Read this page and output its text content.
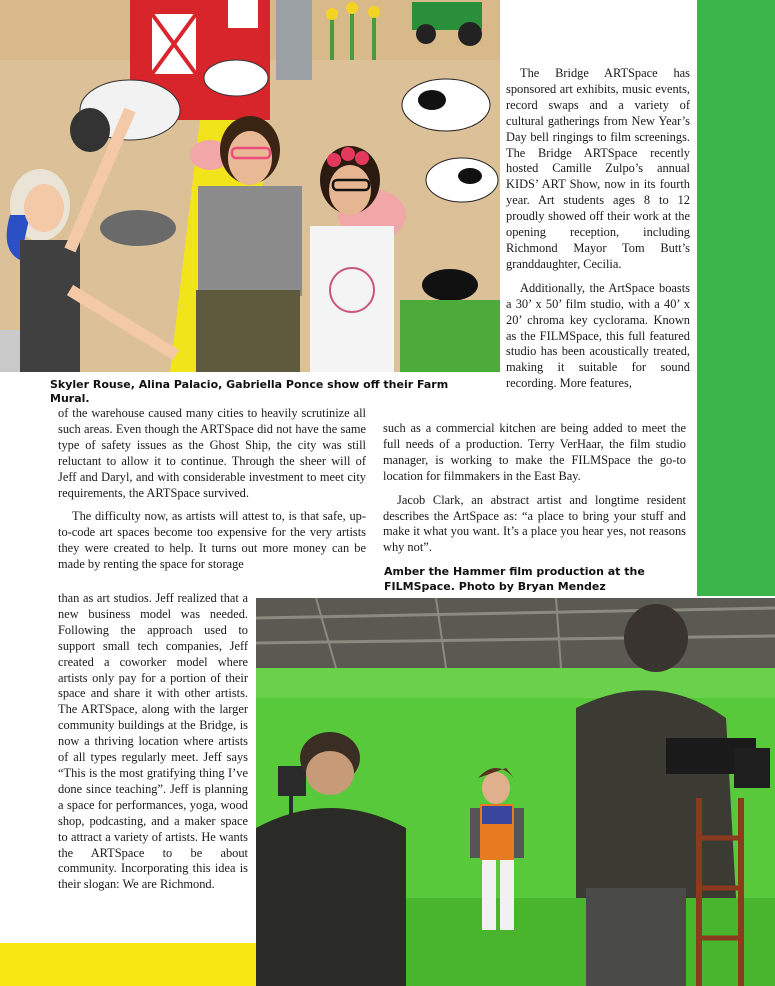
Skyler Rouse, Alina Palacio, Gabriella Ponce show off their Farm Mural.

The Bridge ARTSpace has sponsored art exhibits, music events, record swaps and a variety of cultural gatherings from New Year’s Day bell ringings to film screenings. The Bridge ARTSpace recently hosted Camille Zulpo’s annual KIDS’ ART Show, now in its fourth year. Art students ages 8 to 12 proudly showed off their work at the opening reception, including Richmond Mayor Tom Butt’s granddaughter, Cecilia.

Additionally, the ArtSpace boasts a 30’ x 50’ film studio, with a 40’ x 20’ chroma key cyclorama. Known as the FILMSpace, this full featured studio has been acoustically treated, making it suitable for sound recording. More features,

such as a commercial kitchen are being added to meet the full needs of a production. Terry VerHaar, the film studio manager, is working to make the FILMSpace the go-to location for filmmakers in the East Bay.

Jacob Clark, an abstract artist and longtime resident describes the ArtSpace as: “a place to bring your stuff and make it what you want. It’s a place you hear yes, not reasons why not”.

Amber the Hammer film production at the FILMSpace. Photo by Bryan Mendez

of the warehouse caused many cities to heavily scrutinize all such areas. Even though the ARTSpace did not have the same type of safety issues as the Ghost Ship, the city was still reluctant to allow it to continue. Through the sheer will of Jeff and Daryl, and with considerable investment to meet city requirements, the ARTSpace survived.

The difficulty now, as artists will attest to, is that safe, up-to-code art spaces become too expensive for the very artists they were created to help. It turns out more money can be made by renting the space for storage

than as art studios. Jeff realized that a new business model was needed. Following the approach used to support small tech companies, Jeff created a coworker model where artists only pay for a portion of their space and share it with other artists. The ARTSpace, along with the larger community buildings at the Bridge, is now a thriving location where artists of all types regularly meet. Jeff says “This is the most gratifying thing I’ve done since teaching”. Jeff is planning a space for performances, yoga, wood shop, podcasting, and a maker space to attract a variety of artists. He wants the ARTSpace to be about community. Incorporating this idea is their slogan: We are Richmond.
